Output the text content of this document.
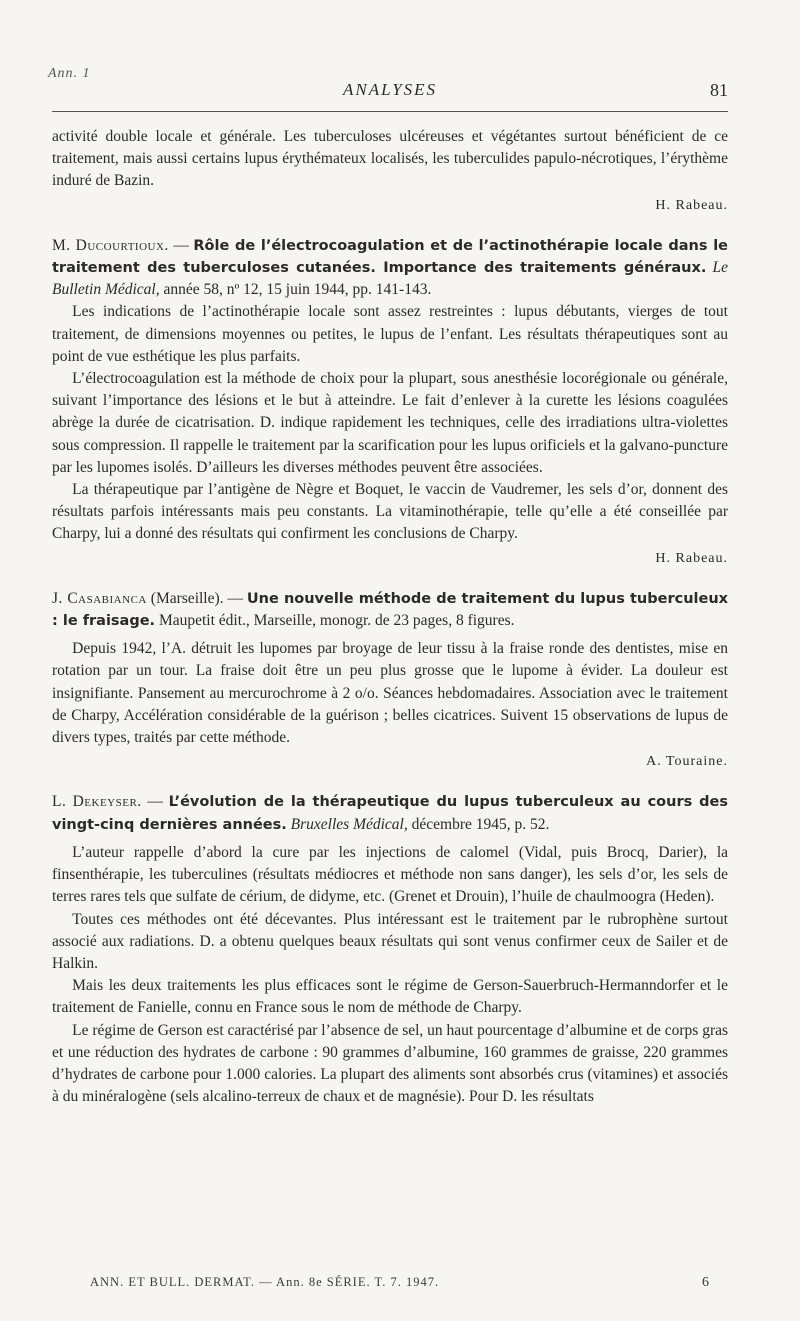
Ann. 1
ANALYSES	81

activité double locale et générale. Les tuberculoses ulcéreuses et végétantes surtout bénéficient de ce traitement, mais aussi certains lupus érythémateux localisés, les tuberculides papulo-nécrotiques, l’érythème induré de Bazin.

H. Rabeau.

M. Ducourtioux. — Rôle de l’électrocoagulation et de l’actinothérapie locale dans le traitement des tuberculoses cutanées. Importance des traitements généraux. Le Bulletin Médical, année 58, nº 12, 15 juin 1944, pp. 141-143.

Les indications de l’actinothérapie locale sont assez restreintes : lupus débutants, vierges de tout traitement, de dimensions moyennes ou petites, le lupus de l’enfant. Les résultats thérapeutiques sont au point de vue esthétique les plus parfaits.

L’électrocoagulation est la méthode de choix pour la plupart, sous anesthésie locorégionale ou générale, suivant l’importance des lésions et le but à atteindre. Le fait d’enlever à la curette les lésions coagulées abrège la durée de cicatrisation. D. indique rapidement les techniques, celle des irradiations ultra-violettes sous compression. Il rappelle le traitement par la scarification pour les lupus orificiels et la galvano-puncture par les lupomes isolés. D’ailleurs les diverses méthodes peuvent être associées.

La thérapeutique par l’antigène de Nègre et Boquet, le vaccin de Vaudremer, les sels d’or, donnent des résultats parfois intéressants mais peu constants. La vitaminothérapie, telle qu’elle a été conseillée par Charpy, lui a donné des résultats qui confirment les conclusions de Charpy.

H. Rabeau.

J. Casabianca (Marseille). — Une nouvelle méthode de traitement du lupus tuberculeux : le fraisage. Maupetit édit., Marseille, monogr. de 23 pages, 8 figures.

Depuis 1942, l’A. détruit les lupomes par broyage de leur tissu à la fraise ronde des dentistes, mise en rotation par un tour. La fraise doit être un peu plus grosse que le lupome à évider. La douleur est insignifiante. Pansement au mercurochrome à 2 o/o. Séances hebdomadaires. Association avec le traitement de Charpy, Accélération considérable de la guérison ; belles cicatrices. Suivent 15 observations de lupus de divers types, traités par cette méthode.

A. Touraine.

L. Dekeyser. — L’évolution de la thérapeutique du lupus tuberculeux au cours des vingt-cinq dernières années. Bruxelles Médical, décembre 1945, p. 52.

L’auteur rappelle d’abord la cure par les injections de calomel (Vidal, puis Brocq, Darier), la finsenthérapie, les tuberculines (résultats médiocres et méthode non sans danger), les sels d’or, les sels de terres rares tels que sulfate de cérium, de didyme, etc. (Grenet et Drouin), l’huile de chaulmoogra (Heden).

Toutes ces méthodes ont été décevantes. Plus intéressant est le traitement par le rubrophène surtout associé aux radiations. D. a obtenu quelques beaux résultats qui sont venus confirmer ceux de Sailer et de Halkin.

Mais les deux traitements les plus efficaces sont le régime de Gerson-Sauerbruch-Hermanndorfer et le traitement de Fanielle, connu en France sous le nom de méthode de Charpy.

Le régime de Gerson est caractérisé par l’absence de sel, un haut pourcentage d’albumine et de corps gras et une réduction des hydrates de carbone : 90 grammes d’albumine, 160 grammes de graisse, 220 grammes d’hydrates de carbone pour 1.000 calories. La plupart des aliments sont absorbés crus (vitamines) et associés à du minéralogène (sels alcalino-terreux de chaux et de magnésie). Pour D. les résultats

ANN. ET BULL. DERMAT. — Ann. 8e SÉRIE. T. 7. 1947.	6
